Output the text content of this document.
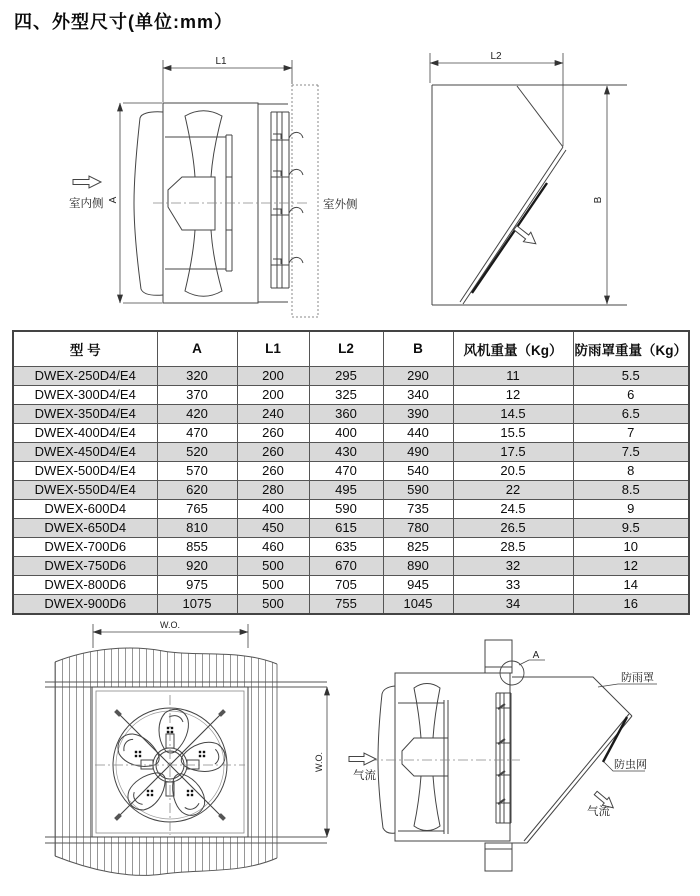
四、外型尺寸(单位:mm）
L1
A
室内侧	室外侧
L2
B
型 号	A	L1	L2	B	风机重量（Kg）	防雨罩重量（Kg）
DWEX-250D4/E4	320	200	295	290	11	5.5
DWEX-300D4/E4	370	200	325	340	12	6
DWEX-350D4/E4	420	240	360	390	14.5	6.5
DWEX-400D4/E4	470	260	400	440	15.5	7
DWEX-450D4/E4	520	260	430	490	17.5	7.5
DWEX-500D4/E4	570	260	470	540	20.5	8
DWEX-550D4/E4	620	280	495	590	22	8.5
DWEX-600D4	765	400	590	735	24.5	9
DWEX-650D4	810	450	615	780	26.5	9.5
DWEX-700D6	855	460	635	825	28.5	10
DWEX-750D6	920	500	670	890	32	12
DWEX-800D6	975	500	705	945	33	14
DWEX-900D6	1075	500	755	1045	34	16
W.O.
W.O.
A
防雨罩
防虫网
气流
气流
